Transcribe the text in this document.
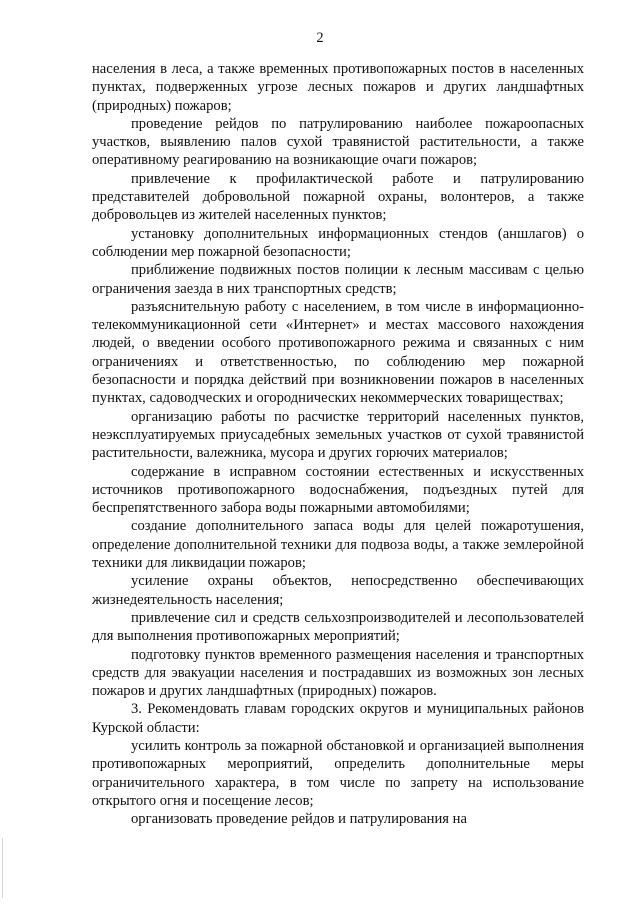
2

населения в леса, а также временных противопожарных постов в населенных пунктах, подверженных угрозе лесных пожаров и других ландшафтных (природных) пожаров;

проведение рейдов по патрулированию наиболее пожароопасных участков, выявлению палов сухой травянистой растительности, а также оперативному реагированию на возникающие очаги пожаров;

привлечение к профилактической работе и патрулированию представителей добровольной пожарной охраны, волонтеров, а также добровольцев из жителей населенных пунктов;

установку дополнительных информационных стендов (аншлагов) о соблюдении мер пожарной безопасности;

приближение подвижных постов полиции к лесным массивам с целью ограничения заезда в них транспортных средств;

разъяснительную работу с населением, в том числе в информационно-телекоммуникационной сети «Интернет» и местах массового нахождения людей, о введении особого противопожарного режима и связанных с ним ограничениях и ответственностью, по соблюдению мер пожарной безопасности и порядка действий при возникновении пожаров в населенных пунктах, садоводческих и огороднических некоммерческих товариществах;

организацию работы по расчистке территорий населенных пунктов, неэксплуатируемых приусадебных земельных участков от сухой травянистой растительности, валежника, мусора и других горючих материалов;

содержание в исправном состоянии естественных и искусственных источников противопожарного водоснабжения, подъездных путей для беспрепятственного забора воды пожарными автомобилями;

создание дополнительного запаса воды для целей пожаротушения, определение дополнительной техники для подвоза воды, а также землеройной техники для ликвидации пожаров;

усиление охраны объектов, непосредственно обеспечивающих жизнедеятельность населения;

привлечение сил и средств сельхозпроизводителей и лесопользователей для выполнения противопожарных мероприятий;

подготовку пунктов временного размещения населения и транспортных средств для эвакуации населения и пострадавших из возможных зон лесных пожаров и других ландшафтных (природных) пожаров.

3. Рекомендовать главам городских округов и муниципальных районов Курской области:

усилить контроль за пожарной обстановкой и организацией выполнения противопожарных мероприятий, определить дополнительные меры ограничительного характера, в том числе по запрету на использование открытого огня и посещение лесов;

организовать проведение рейдов и патрулирования на
